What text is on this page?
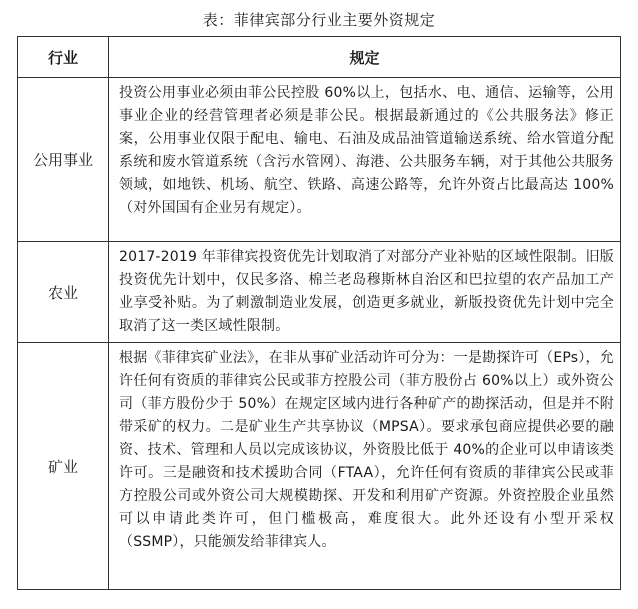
表：菲律宾部分行业主要外资规定
行业	规定
公用事业	投资公用事业必须由菲公民控股 60%以上，包括水、电、通信、运输等，公用事业企业的经营管理者必须是菲公民。根据最新通过的《公共服务法》修正案，公用事业仅限于配电、输电、石油及成品油管道输送系统、给水管道分配系统和废水管道系统（含污水管网）、海港、公共服务车辆，对于其他公共服务领域，如地铁、机场、航空、铁路、高速公路等，允许外资占比最高达 100%（对外国国有企业另有规定）。
农业	2017-2019 年菲律宾投资优先计划取消了对部分产业补贴的区域性限制。旧版投资优先计划中，仅民多洛、棉兰老岛穆斯林自治区和巴拉望的农产品加工产业享受补贴。为了刺激制造业发展，创造更多就业，新版投资优先计划中完全取消了这一类区域性限制。
矿业	根据《菲律宾矿业法》，在非从事矿业活动许可分为：一是勘探许可（EPs），允许任何有资质的菲律宾公民或菲方控股公司（菲方股份占 60%以上）或外资公司（菲方股份少于 50%）在规定区域内进行各种矿产的勘探活动，但是并不附带采矿的权力。二是矿业生产共享协议（MPSA）。要求承包商应提供必要的融资、技术、管理和人员以完成该协议，外资股比低于 40%的企业可以申请该类许可。三是融资和技术援助合同（FTAA），允许任何有资质的菲律宾公民或菲方控股公司或外资公司大规模勘探、开发和利用矿产资源。外资控股企业虽然可以申请此类许可，但门槛极高，难度很大。此外还设有小型开采权（SSMP），只能颁发给菲律宾人。
